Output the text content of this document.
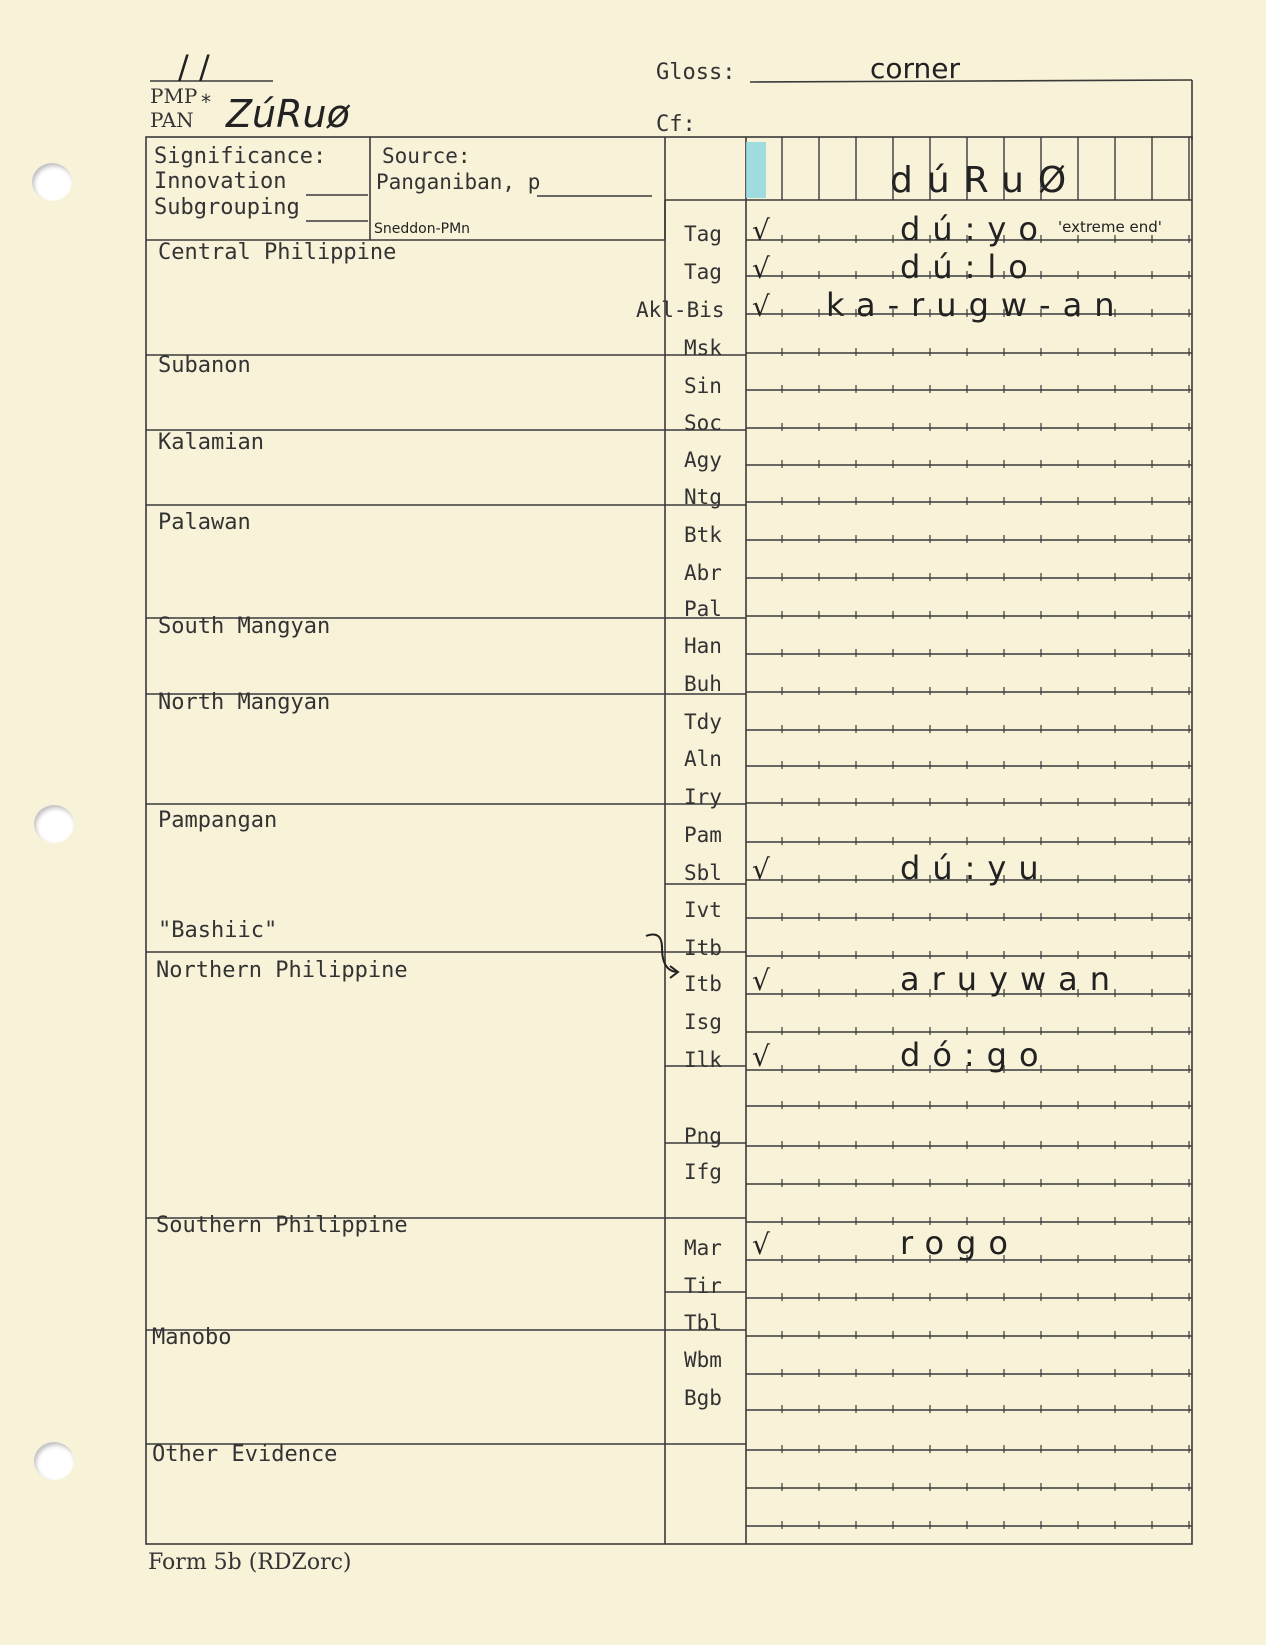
/ /
PMP *
PAN ZúRuø
Gloss:	corner
Cf:
Significance:
Innovation
Subgrouping
Source:
Panganiban, p
Sneddon-PMn
dúRuØ
Central Philippine
Subanon
Kalamian
Palawan
South Mangyan
North Mangyan
Pampangan
"Bashiic"
Northern Philippine
Southern Philippine
Manobo
Other Evidence
Tag √	dú:yo 'extreme end'
Tag √	dú:lo
Akl-Bis √ ka-rugw-an
Msk
Sin
Soc
Agy
Ntg
Btk
Abr
Pal
Han
Buh
Tdy
Aln
Iry
Pam
Sbl √	dú:yu
Ivt
Itb
Itb √	aruywan
Isg
Ilk √	dó:go
Png
Ifg
Mar √	rogo
Tir
Tbl
Wbm
Bgb
Form 5b (RDZorc)
